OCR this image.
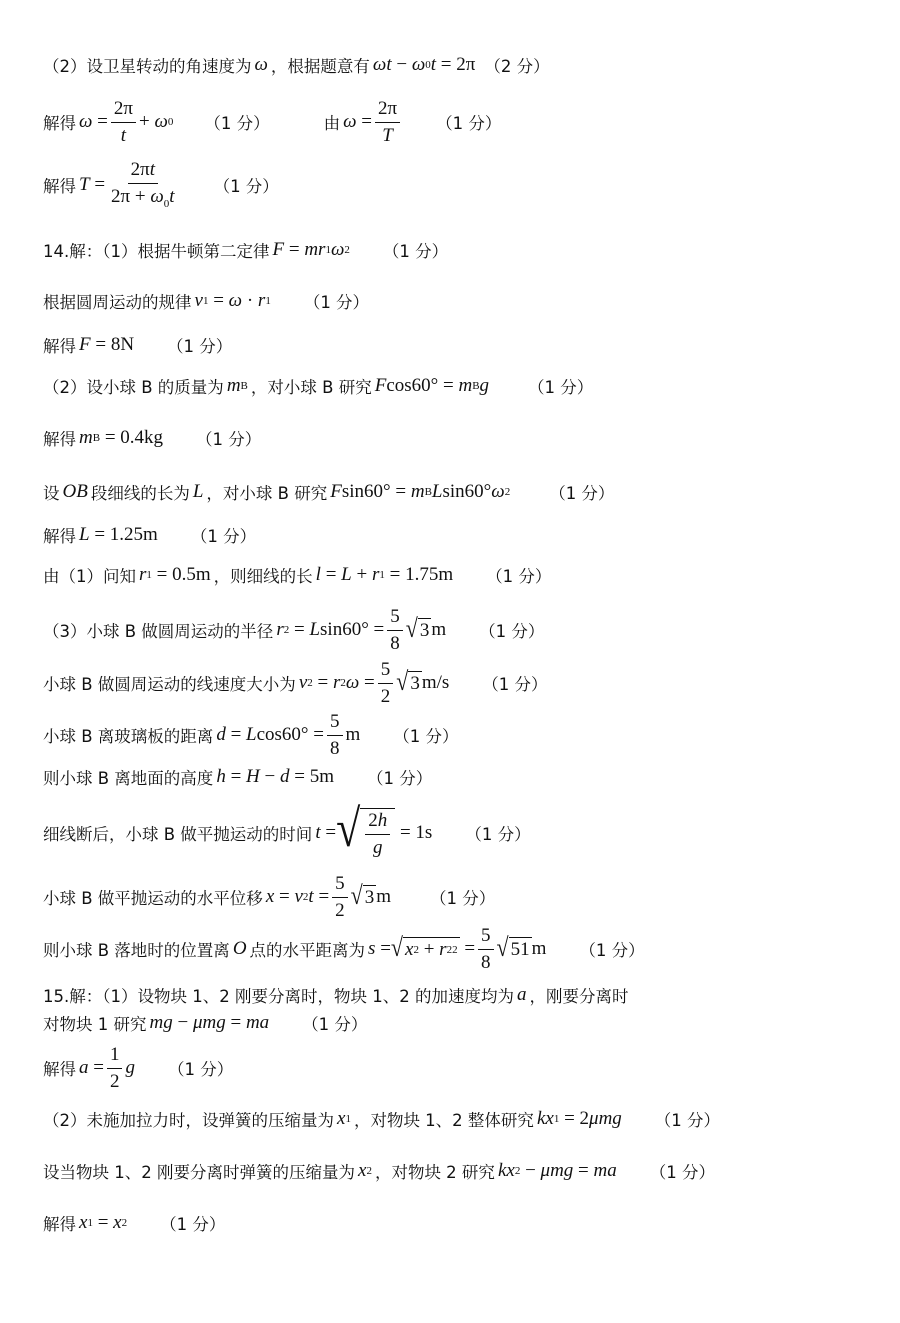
（2）设卫星转动的角速度为 ω ，根据题意有 ωt − ω 0 t = 2π （2 分）
解得 $\omega = \frac{2\pi}{t} + \omega$ 0 （1 分）	由 $\omega = \frac{2\pi}{T} (1$ 分）
解得 $T = \frac{2\pi t}{2\pi + \omega_0t} (1$ 分）
14.解：（1）根据牛顿第二定律 F = mr 1 ω 2 （1 分）
根据圆周运动的规律 v 1 = ω · r 1 （1 分）
解得 F = 8N （1 分）
（2）设小球 B 的质量为 m B ，对小球 B 研究 F cos60° = m B g （1 分）
解得 m B = 0.4kg （1 分）
设 OB 段细线的长为 L ，对小球 B 研究 F sin60° = m B L sin60° ω 2 （1 分）
解得 L = 1.25m （1 分）
由（1）问知 r 1 = 0.5m ，则细线的长 l = L + r 1 = 1.75m （1 分）
（3）小球 B 做圆周运动的半径 r 2 = L $\sin 60^\circ = \frac{5}{8}$ √ 3 m （1 分）
小球 B 做圆周运动的线速度大小为 v 2 = r 2 $\omega = \frac{5}{2}$ √ 3 m/s （1 分）
小球 B 离玻璃板的距离 d = L $\cos 60^\circ = \frac{5}{8}$ m （1 分）
则小球 B 离地面的高度 h = H − d = 5m （1 分）
细线断后，小球 B 做平抛运动的时间 t = √ $\frac{2h}{g} = 1s$ （1 分）
小球 B 做平抛运动的水平位移 x = v 2 $t = \frac{5}{2}$ √ 3 m （1 分）
则小球 B 落地时的位置离 O 点的水平距离为 s = √ x 2 + r 2 $2 = \frac{5}{8}$ √ 51 m （1 分）
15.解：（1）设物块 1、2 刚要分离时，物块 1、2 的加速度均为 a ，刚要分离时
对物块 1 研究 mg − μmg = ma （1 分）
解得 $a = \frac{1}{2}$ g （1 分）
（2）未施加拉力时，设弹簧的压缩量为 x 1 ，对物块 1、2 整体研究 kx 1 = 2 μmg （1 分）
设当物块 1、2 刚要分离时弹簧的压缩量为 x 2 ，对物块 2 研究 kx 2 − μmg = ma （1 分）
解得 x 1 = x 2 （1 分）
